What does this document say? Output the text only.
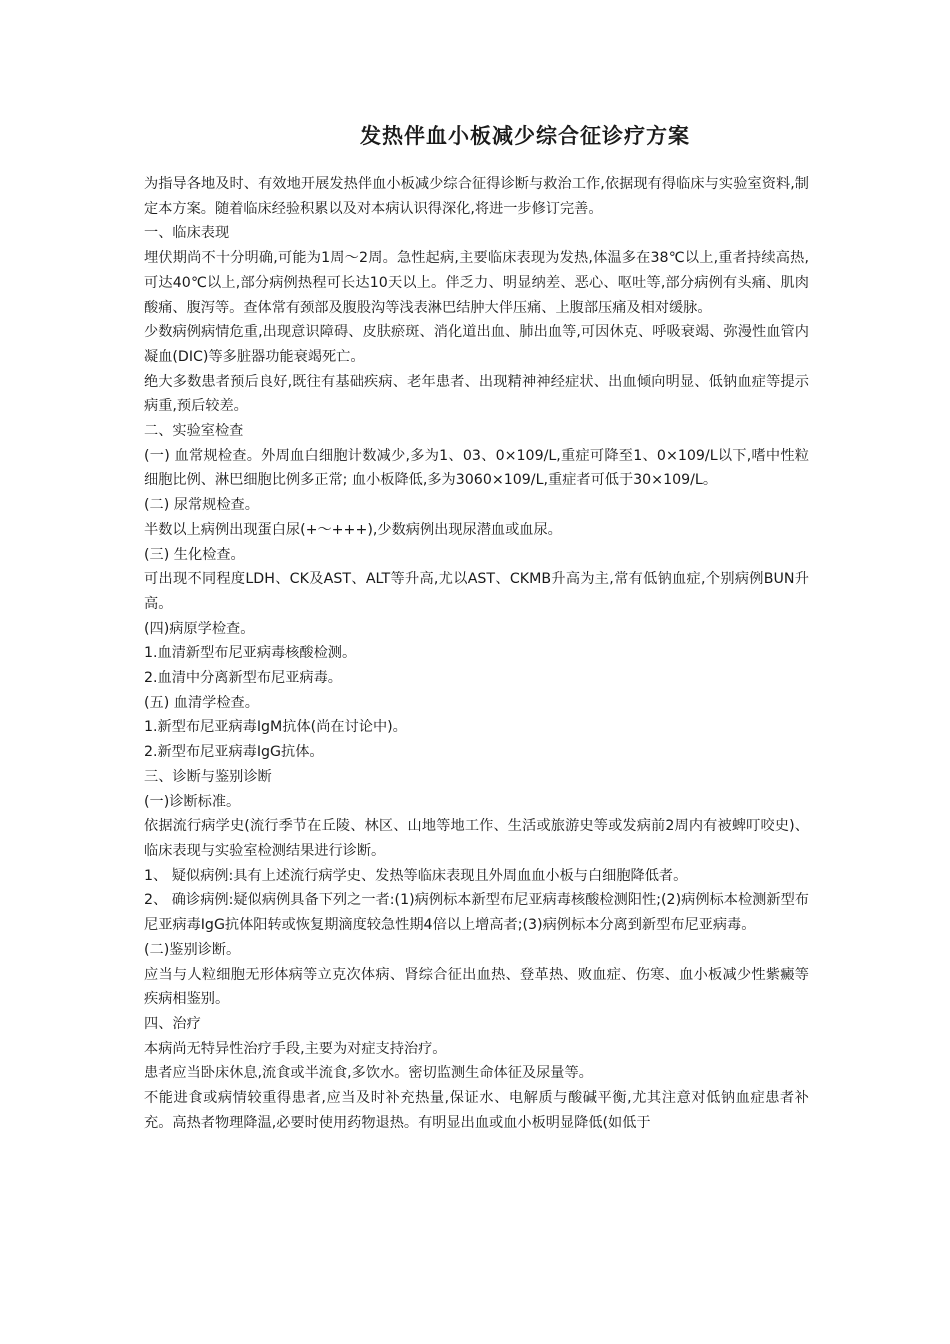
发热伴血小板减少综合征诊疗方案

为指导各地及时、有效地开展发热伴血小板减少综合征得诊断与救治工作,依据现有得临床与实验室资料,制定本方案。随着临床经验积累以及对本病认识得深化,将进一步修订完善。

一、临床表现

埋伏期尚不十分明确,可能为1周～2周。急性起病,主要临床表现为发热,体温多在38℃以上,重者持续高热,可达40℃以上,部分病例热程可长达10天以上。伴乏力、明显纳差、恶心、呕吐等,部分病例有头痛、肌肉酸痛、腹泻等。查体常有颈部及腹股沟等浅表淋巴结肿大伴压痛、上腹部压痛及相对缓脉。

少数病例病情危重,出现意识障碍、皮肤瘀斑、消化道出血、肺出血等,可因休克、呼吸衰竭、弥漫性血管内凝血(DIC)等多脏器功能衰竭死亡。

绝大多数患者预后良好,既往有基础疾病、老年患者、出现精神神经症状、出血倾向明显、低钠血症等提示病重,预后较差。

二、实验室检查

(一) 血常规检查。外周血白细胞计数减少,多为1、03、0×109/L,重症可降至1、0×109/L以下,嗜中性粒细胞比例、淋巴细胞比例多正常; 血小板降低,多为3060×109/L,重症者可低于30×109/L。

(二) 尿常规检查。

半数以上病例出现蛋白尿(+～+++),少数病例出现尿潜血或血尿。

(三) 生化检查。

可出现不同程度LDH、CK及AST、ALT等升高,尤以AST、CKMB升高为主,常有低钠血症,个别病例BUN升高。

(四)病原学检查。

1.血清新型布尼亚病毒核酸检测。

2.血清中分离新型布尼亚病毒。

(五) 血清学检查。

1.新型布尼亚病毒IgM抗体(尚在讨论中)。

2.新型布尼亚病毒IgG抗体。

三、诊断与鉴别诊断

(一)诊断标准。

依据流行病学史(流行季节在丘陵、林区、山地等地工作、生活或旅游史等或发病前2周内有被蜱叮咬史)、临床表现与实验室检测结果进行诊断。

1、 疑似病例:具有上述流行病学史、发热等临床表现且外周血血小板与白细胞降低者。

2、 确诊病例:疑似病例具备下列之一者:(1)病例标本新型布尼亚病毒核酸检测阳性;(2)病例标本检测新型布尼亚病毒IgG抗体阳转或恢复期滴度较急性期4倍以上增高者;(3)病例标本分离到新型布尼亚病毒。

(二)鉴别诊断。

应当与人粒细胞无形体病等立克次体病、肾综合征出血热、登革热、败血症、伤寒、血小板减少性紫癜等疾病相鉴别。

四、治疗

本病尚无特异性治疗手段,主要为对症支持治疗。

患者应当卧床休息,流食或半流食,多饮水。密切监测生命体征及尿量等。

不能进食或病情较重得患者,应当及时补充热量,保证水、电解质与酸碱平衡,尤其注意对低钠血症患者补充。高热者物理降温,必要时使用药物退热。有明显出血或血小板明显降低(如低于
